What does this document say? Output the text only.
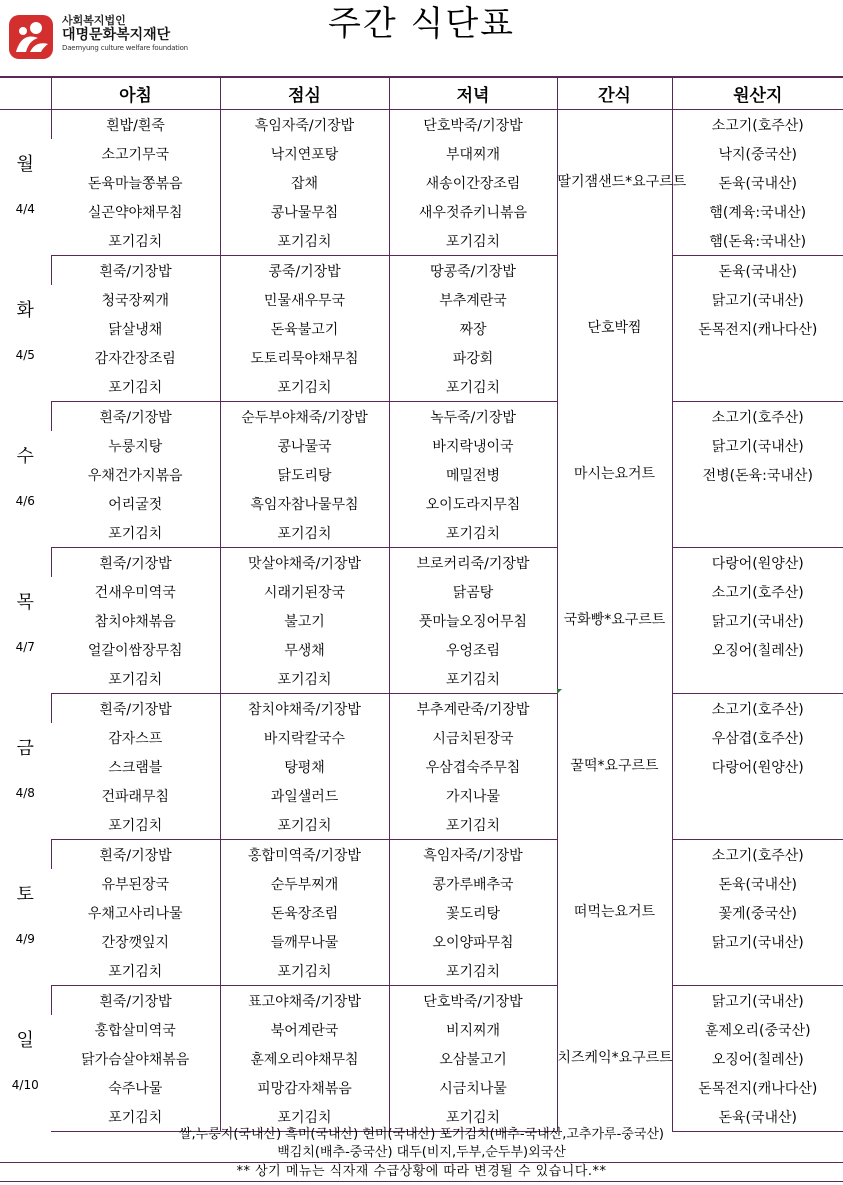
사회복지법인
대명문화복지재단
Daemyung culture welfare foundation
주간 식단표
	아침	점심	저녁	간식	원산지

월
4/4	흰밥/흰죽	흑임자죽/기장밥	단호박죽/기장밥	딸기잼샌드*요구르트	소고기(호주산)
	소고기무국	낙지연포탕	부대찌개		낙지(중국산)
	돈육마늘쫑볶음	잡채	새송이간장조림		돈육(국내산)
	실곤약야채무침	콩나물무침	새우젓쥬키니볶음		햄(계육:국내산)
	포기김치	포기김치	포기김치		햄(돈육:국내산)

화
4/5	흰죽/기장밥	콩죽/기장밥	땅콩죽/기장밥	단호박찜	돈육(국내산)
	청국장찌개	민물새우무국	부추계란국		닭고기(국내산)
	닭살냉채	돈육불고기	짜장		돈목전지(캐나다산)
	감자간장조림	도토리묵야채무침	파강회		
	포기김치	포기김치	포기김치		

수
4/6	흰죽/기장밥	순두부야채죽/기장밥	녹두죽/기장밥	마시는요거트	소고기(호주산)
	누룽지탕	콩나물국	바지락냉이국		닭고기(국내산)
	우채건가지볶음	닭도리탕	메밀전병		전병(돈육:국내산)
	어리굴젓	흑임자참나물무침	오이도라지무침		
	포기김치	포기김치	포기김치		

목
4/7	흰죽/기장밥	맛살야채죽/기장밥	브로커리죽/기장밥	국화빵*요구르트	다랑어(원양산)
	건새우미역국	시래기된장국	닭곰탕		소고기(호주산)
	참치야채볶음	불고기	풋마늘오징어무침		닭고기(국내산)
	얼갈이쌈장무침	무생채	우엉조림		오징어(칠레산)
	포기김치	포기김치	포기김치		

금
4/8	흰죽/기장밥	참치야채죽/기장밥	부추계란죽/기장밥	꿀떡*요구르트	소고기(호주산)
	감자스프	바지락칼국수	시금치된장국		우삼겹(호주산)
	스크램블	탕평채	우삼겹숙주무침		다랑어(원양산)
	건파래무침	과일샐러드	가지나물		
	포기김치	포기김치	포기김치		

토
4/9	흰죽/기장밥	홍합미역죽/기장밥	흑임자죽/기장밥	떠먹는요거트	소고기(호주산)
	유부된장국	순두부찌개	콩가루배추국		돈육(국내산)
	우채고사리나물	돈육장조림	꽃도리탕		꽃게(중국산)
	간장깻잎지	들깨무나물	오이양파무침		닭고기(국내산)
	포기김치	포기김치	포기김치		

일
4/10	흰죽/기장밥	표고야채죽/기장밥	단호박죽/기장밥	치즈케익*요구르트	닭고기(국내산)
	홍합살미역국	북어계란국	비지찌개		훈제오리(중국산)
	닭가슴살야채볶음	훈제오리야채무침	오삼불고기		오징어(칠레산)
	숙주나물	피망감자채볶음	시금치나물		돈목전지(캐나다산)
	포기김치	포기김치	포기김치		돈육(국내산)
쌀,누룽지(국내산) 흑미(국내산) 현미(국내산) 포기김치(배추-국내산,고추가루-중국산)
백김치(배추-중국산) 대두(비지,두부,순두부)외국산
** 상기 메뉴는 식자재 수급상황에 따라 변경될 수 있습니다.**
